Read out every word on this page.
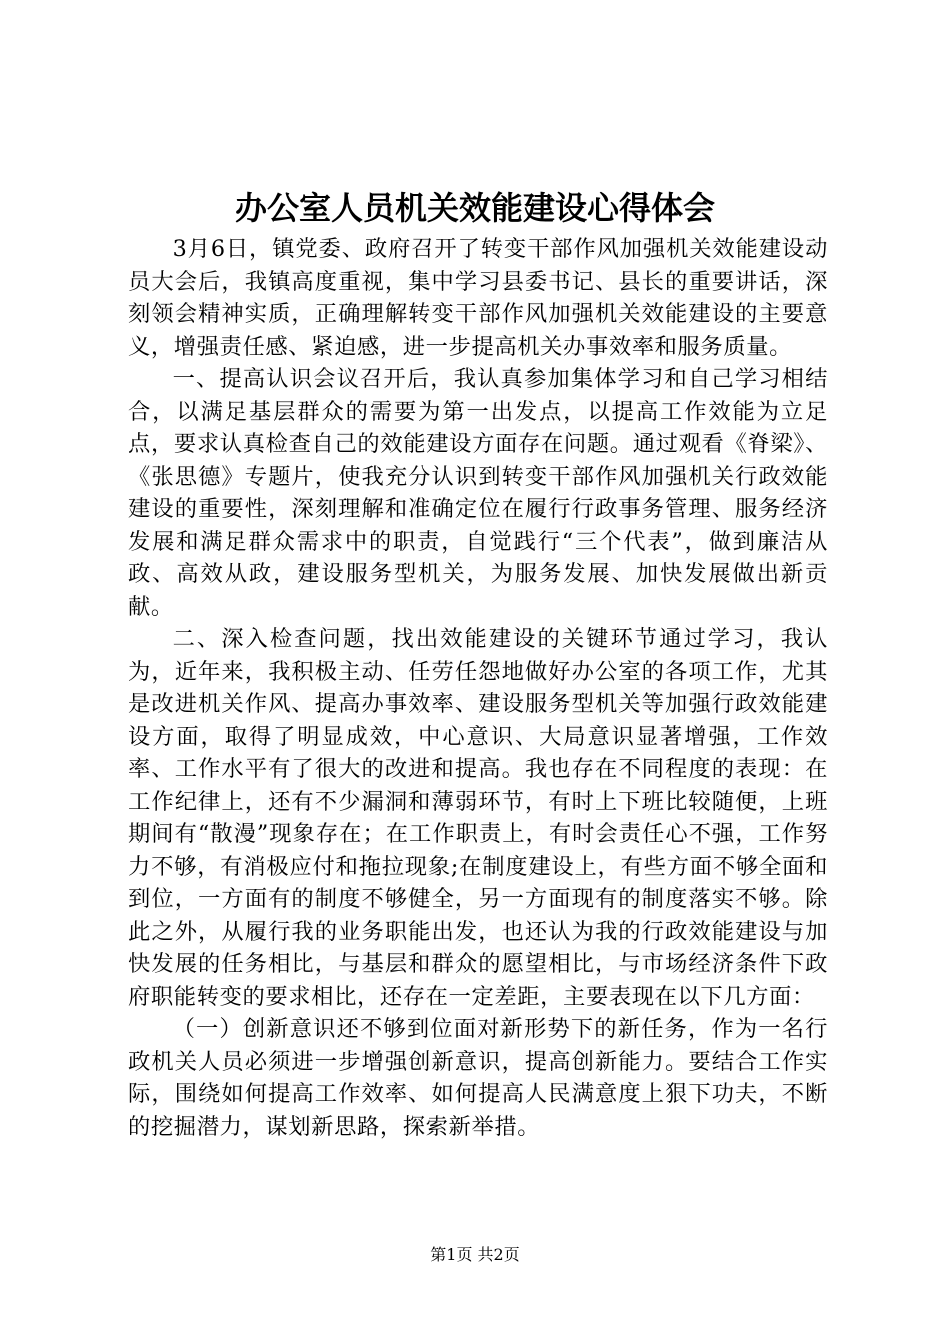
办公室人员机关效能建设心得体会

3月6日，镇党委、政府召开了转变干部作风加强机关效能建设动员大会后，我镇高度重视，集中学习县委书记、县长的重要讲话，深刻领会精神实质，正确理解转变干部作风加强机关效能建设的主要意义，增强责任感、紧迫感，进一步提高机关办事效率和服务质量。

一、提高认识会议召开后，我认真参加集体学习和自己学习相结合，以满足基层群众的需要为第一出发点，以提高工作效能为立足点，要求认真检查自己的效能建设方面存在问题。通过观看《脊梁》、《张思德》专题片，使我充分认识到转变干部作风加强机关行政效能建设的重要性，深刻理解和准确定位在履行行政事务管理、服务经济发展和满足群众需求中的职责，自觉践行“三个代表”，做到廉洁从政、高效从政，建设服务型机关，为服务发展、加快发展做出新贡献。

二、深入检查问题，找出效能建设的关键环节通过学习，我认为，近年来，我积极主动、任劳任怨地做好办公室的各项工作，尤其是改进机关作风、提高办事效率、建设服务型机关等加强行政效能建设方面，取得了明显成效，中心意识、大局意识显著增强，工作效率、工作水平有了很大的改进和提高。我也存在不同程度的表现：在工作纪律上，还有不少漏洞和薄弱环节，有时上下班比较随便，上班期间有“散漫”现象存在；在工作职责上，有时会责任心不强，工作努力不够，有消极应付和拖拉现象;在制度建设上，有些方面不够全面和到位，一方面有的制度不够健全，另一方面现有的制度落实不够。除此之外，从履行我的业务职能出发，也还认为我的行政效能建设与加快发展的任务相比，与基层和群众的愿望相比，与市场经济条件下政府职能转变的要求相比，还存在一定差距，主要表现在以下几方面：

（一）创新意识还不够到位面对新形势下的新任务，作为一名行政机关人员必须进一步增强创新意识，提高创新能力。要结合工作实际，围绕如何提高工作效率、如何提高人民满意度上狠下功夫，不断的挖掘潜力，谋划新思路，探索新举措。

第1页 共2页
